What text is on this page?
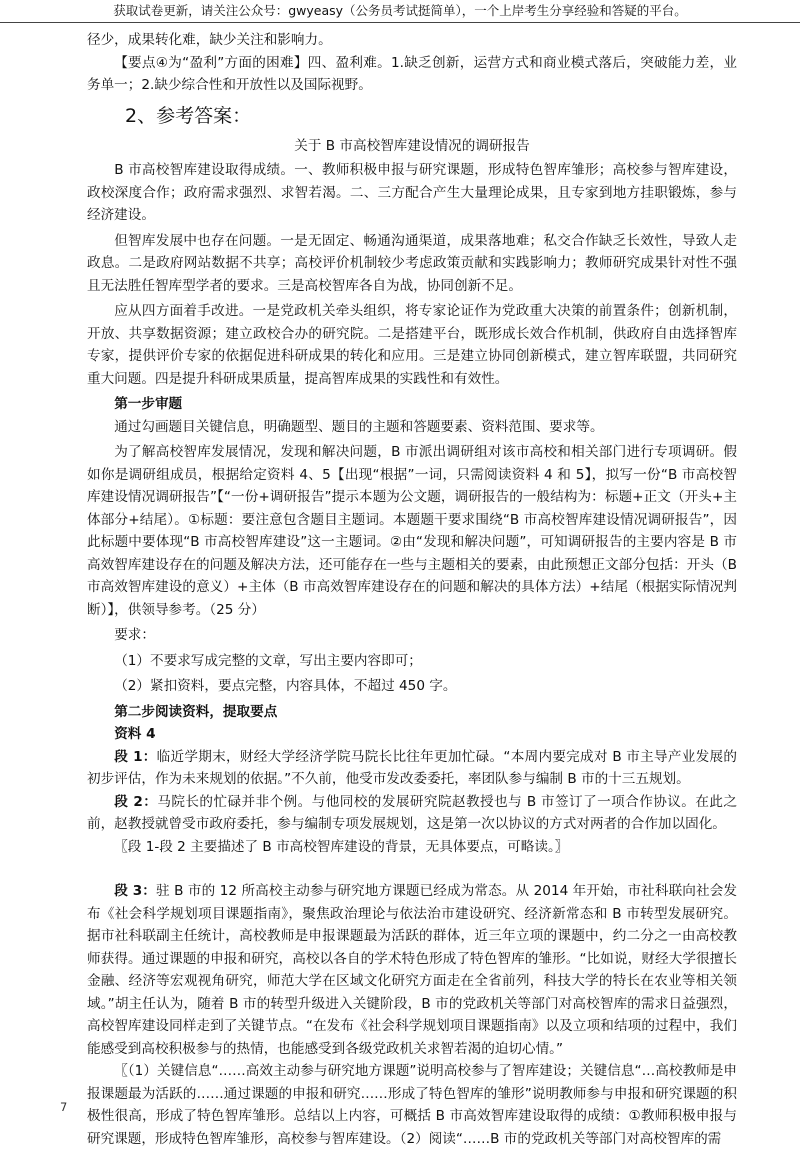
获取试卷更新，请关注公众号：gwyeasy（公务员考试挺简单），一个上岸考生分享经验和答疑的平台。

径少，成果转化难，缺少关注和影响力。

【要点④为“盈利”方面的困难】四、盈利难。1.缺乏创新，运营方式和商业模式落后，突破能力差，业务单一；2.缺少综合性和开放性以及国际视野。

2、参考答案：

关于 B 市高校智库建设情况的调研报告

B 市高校智库建设取得成绩。一、教师积极申报与研究课题，形成特色智库雏形；高校参与智库建设，政校深度合作；政府需求强烈、求智若渴。二、三方配合产生大量理论成果，且专家到地方挂职锻炼，参与经济建设。

但智库发展中也存在问题。一是无固定、畅通沟通渠道，成果落地难；私交合作缺乏长效性，导致人走政息。二是政府网站数据不共享；高校评价机制较少考虑政策贡献和实践影响力；教师研究成果针对性不强且无法胜任智库型学者的要求。三是高校智库各自为战，协同创新不足。

应从四方面着手改进。一是党政机关牵头组织，将专家论证作为党政重大决策的前置条件；创新机制，开放、共享数据资源；建立政校合办的研究院。二是搭建平台，既形成长效合作机制，供政府自由选择智库专家，提供评价专家的依据促进科研成果的转化和应用。三是建立协同创新模式，建立智库联盟，共同研究重大问题。四是提升科研成果质量，提高智库成果的实践性和有效性。

第一步审题

通过勾画题目关键信息，明确题型、题目的主题和答题要素、资料范围、要求等。

为了解高校智库发展情况，发现和解决问题，B 市派出调研组对该市高校和相关部门进行专项调研。假如你是调研组成员，根据给定资料 4、5【出现“根据”一词，只需阅读资料 4 和 5】，拟写一份“B 市高校智库建设情况调研报告”【“一份+调研报告”提示本题为公文题，调研报告的一般结构为：标题+正文（开头+主体部分+结尾）。①标题：要注意包含题目主题词。本题题干要求围绕“B 市高校智库建设情况调研报告”，因此标题中要体现“B 市高校智库建设”这一主题词。②由“发现和解决问题”，可知调研报告的主要内容是 B 市高效智库建设存在的问题及解决方法，还可能存在一些与主题相关的要素，由此预想正文部分包括：开头（B 市高效智库建设的意义）+主体（B 市高效智库建设存在的问题和解决的具体方法）+结尾（根据实际情况判断）】，供领导参考。（25 分）

要求：

（1）不要求写成完整的文章，写出主要内容即可；

（2）紧扣资料，要点完整，内容具体，不超过 450 字。

第二步阅读资料，提取要点

资料 4

段 1：临近学期末，财经大学经济学院马院长比往年更加忙碌。“本周内要完成对 B 市主导产业发展的初步评估，作为未来规划的依据。”不久前，他受市发改委委托，率团队参与编制 B 市的十三五规划。

段 2：马院长的忙碌并非个例。与他同校的发展研究院赵教授也与 B 市签订了一项合作协议。在此之前，赵教授就曾受市政府委托，参与编制专项发展规划，这是第一次以协议的方式对两者的合作加以固化。

〖段 1-段 2 主要描述了 B 市高校智库建设的背景，无具体要点，可略读。〗

段 3：驻 B 市的 12 所高校主动参与研究地方课题已经成为常态。从 2014 年开始，市社科联向社会发布《社会科学规划项目课题指南》，聚焦政治理论与依法治市建设研究、经济新常态和 B 市转型发展研究。据市社科联副主任统计，高校教师是申报课题最为活跃的群体，近三年立项的课题中，约二分之一由高校教师获得。通过课题的申报和研究，高校以各自的学术特色形成了特色智库的雏形。“比如说，财经大学很擅长金融、经济等宏观视角研究，师范大学在区域文化研究方面走在全省前列，科技大学的特长在农业等相关领域。”胡主任认为，随着 B 市的转型升级进入关键阶段，B 市的党政机关等部门对高校智库的需求日益强烈，高校智库建设同样走到了关键节点。“在发布《社会科学规划项目课题指南》以及立项和结项的过程中，我们能感受到高校积极参与的热情，也能感受到各级党政机关求智若渴的迫切心情。”

〖（1）关键信息“……高效主动参与研究地方课题”说明高校参与了智库建设；关键信息“…高校教师是申报课题最为活跃的……通过课题的申报和研究……形成了特色智库的雏形”说明教师参与申报和研究课题的积极性很高，形成了特色智库雏形。总结以上内容，可概括 B 市高效智库建设取得的成绩：①教师积极申报与研究课题，形成特色智库雏形，高校参与智库建设。（2）阅读“……B 市的党政机关等部门对高校智库的需

7
